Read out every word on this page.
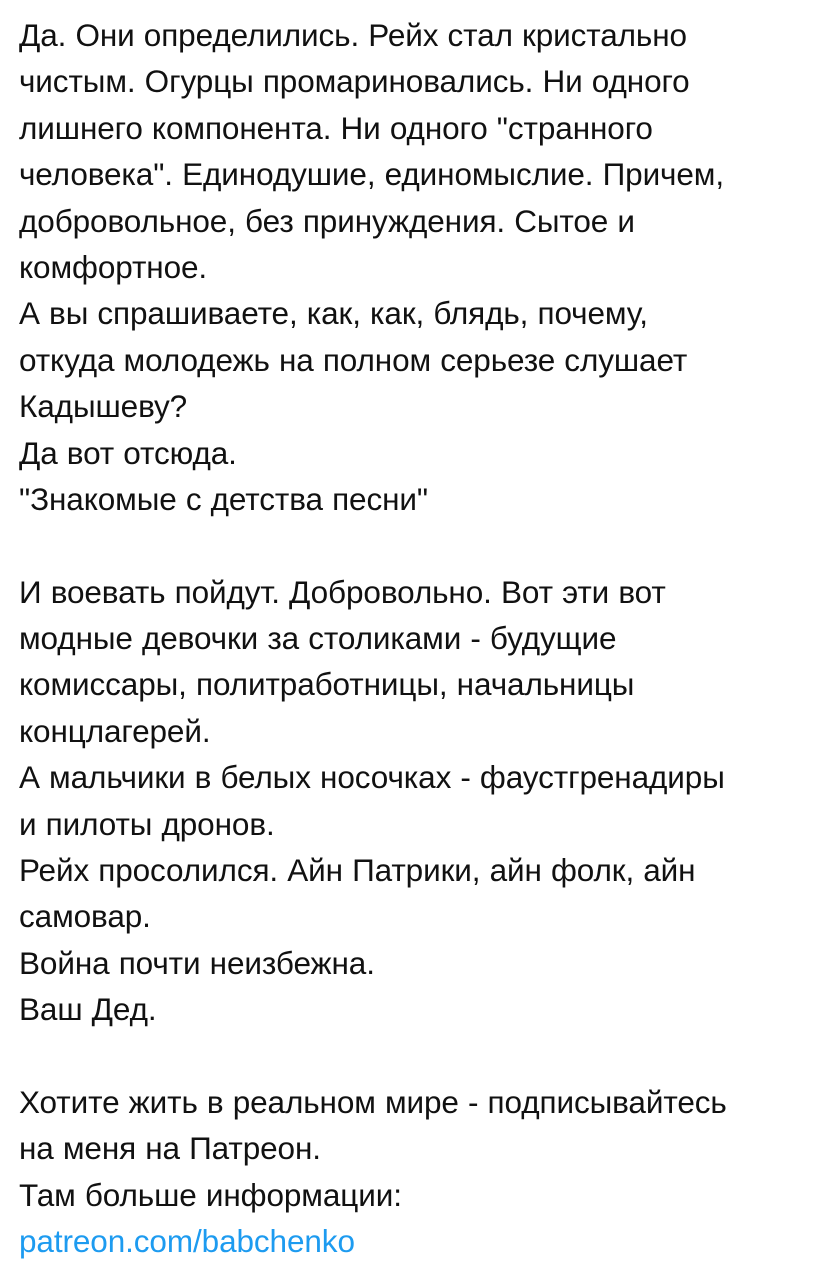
Да. Они определились. Рейх стал кристально
чистым. Огурцы промариновались. Ни одного
лишнего компонента. Ни одного "странного
человека". Единодушие, единомыслие. Причем,
добровольное, без принуждения. Сытое и
комфортное.
А вы спрашиваете, как, как, блядь, почему,
откуда молодежь на полном серьезе слушает
Кадышеву?
Да вот отсюда.
"Знакомые с детства песни"
И воевать пойдут. Добровольно. Вот эти вот
модные девочки за столиками - будущие
комиссары, политработницы, начальницы
концлагерей.
А мальчики в белых носочках - фаустгренадиры
и пилоты дронов.
Рейх просолился. Айн Патрики, айн фолк, айн
самовар.
Война почти неизбежна.
Ваш Дед.
Хотите жить в реальном мире - подписывайтесь
на меня на Патреон.
Там больше информации:
patreon.com/babchenko
